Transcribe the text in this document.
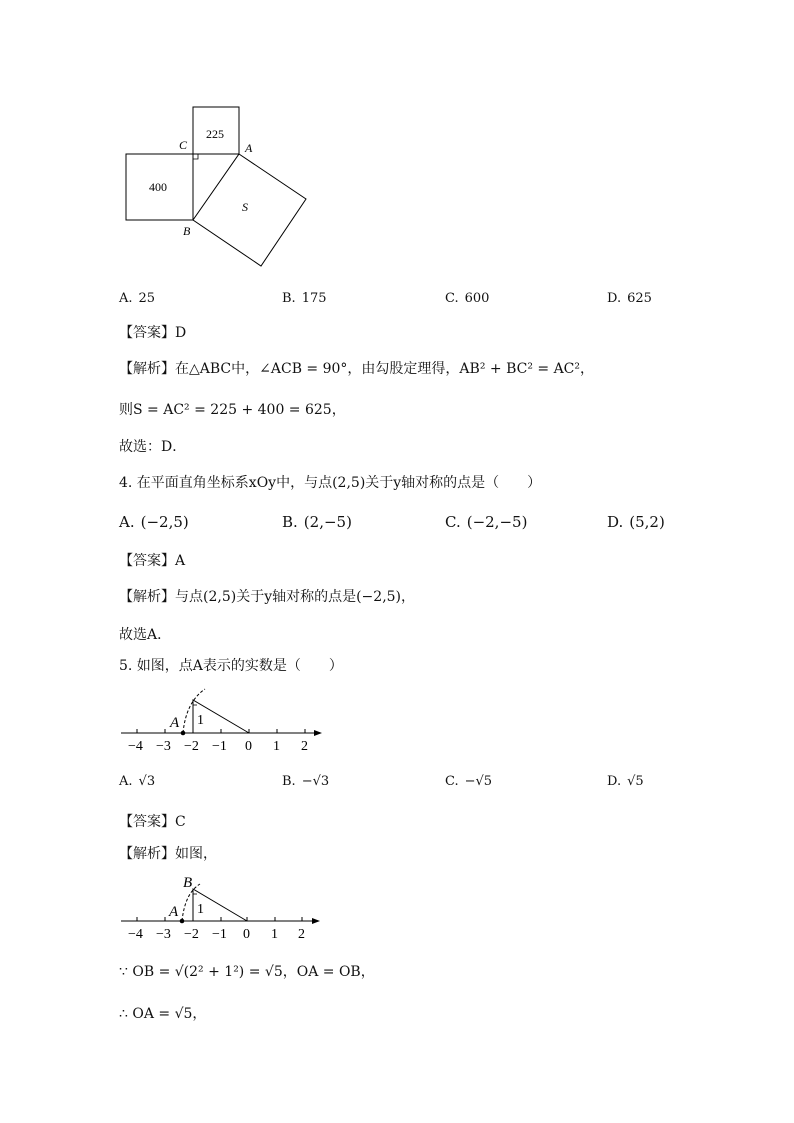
225
400
S
C	A
B
A. 25	B. 175	C. 600	D. 625
【答案】D
【解析】在△ABC中，∠ACB = 90°，由勾股定理得，AB² + BC² = AC²，
则S = AC² = 225 + 400 = 625，
故选：D．
4. 在平面直角坐标系xOy中，与点(2,5)关于y轴对称的点是（　　）
A. (−2,5)	B. (2,−5)	C. (−2,−5)	D. (5,2)
【答案】A
【解析】与点(2,5)关于y轴对称的点是(−2,5)，
故选A．
5. 如图，点A表示的实数是（　　）
−4 −3 −2 −1 0 1 2
A 1
A. √3	B. −√3	C. −√5	D. √5
【答案】C
【解析】如图，
−4 −3 −2 −1 0 1 2
A
B
1
∵ OB = √(2² + 1²) = √5，OA = OB，
∴ OA = √5，
